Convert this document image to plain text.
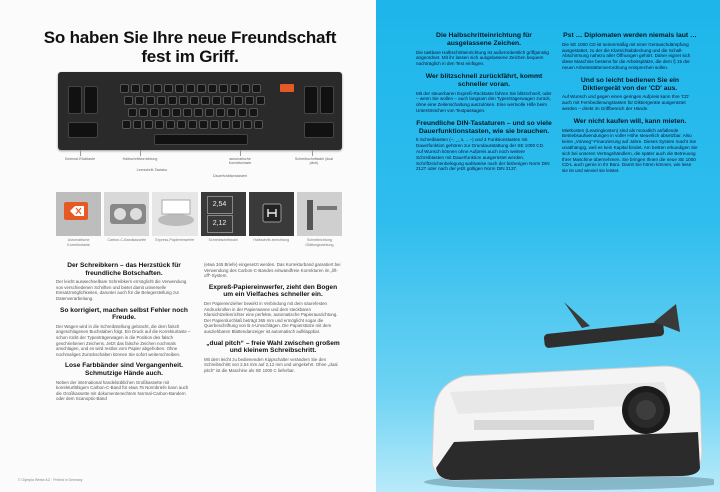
So haben Sie Ihre neue Freundschaft fest im Griff.
Dezimal-Rücktaste	Halbschrittvorrichtung	automatische Korrekturtaste
Schreibschrittwahl (dual pitch)
Leerschritt-Tastatur
Dauerfunktionstasten
2,54
2,12
Automatische Korrekturtaste
Carbon-C-Bandkassette	Express-Papiereinwerfer	Schreibschrittwahl	Halbschritt-einrichtung	Schreibrichtung Glättungsrichtung
Der Schreibkern – das Herzstück für freundliche Botschaften.

Der leicht auswechselbare Schreibkern ermöglicht die Verwendung von verschiedenen Schriften und bietet damit universelle Einsatzmöglichkeiten, darunter auch für die Belegerstellung zur Datenverarbeitung.

So korrigiert, machen selbst Fehler noch Freude.

Der Wagen wird in die Schreibstellung gebracht, die dem falsch angeschlagenen Buchstaben folgt. Ein Druck auf die Korrekturtaste – schon rückt der Typenträgerwagen in die Position des falsch geschriebenen Zeichens. Jetzt das falsche Zeichen nochmals anschlagen, und es wird restlos vom Papier abgehoben. Ohne nochmaliges Zurückschalten können Sie sofort weiterschreiben.

Lose Farbbänder sind Vergangenheit. Schmutzige Hände auch.

Neben der international handelsüblichen Großkassette mit korrekturfähigem Carbon-C-Band für etwa 75 Normbriefe kann auch die Großkassette mit dokumentenechtem Normal-Carbon-Bandern oder dem Scanoptic-Band

(etwa 345 Briefe) eingesetzt werden. Das Korrekturband garantiert bei Verwendung des Carbon-C-Bandes einwandfreie Korrekturen im „lift-off“-System.

Expreß-Papiereinwerfer, zieht den Bogen um ein Vielfaches schneller ein.

Der Papiereinzieher bewirkt in Verbindung mit dem säurefesten Andruckrollen in der Papierwanne und dem steckbaren Klarsichtzeilenrichter eine perfekte, automatische Papierausrichtung. Der Papierdurchlaß beträgt 365 mm und ermöglicht sogar die Querbeschriftung von B 4-Umschlägen. Die Papierstütze mit dem ausziehbaren Blattendanzeiger ist automatisch aufklappbar.

„dual pitch“ – freie Wahl zwischen großem und kleinem Schreibschritt.

Mit dem leicht zu bedienenden Kippschalter verändern Sie den Schreibschritt von 2,54 mm auf 2,12 mm und umgekehrt. Ohne „dual pitch“ ist die Maschine als SE 1000 C lieferbar.

© Olympia Werke AG · Printed in Germany
Die Halbschritteinrichtung für ausgelassene Zeichen.

Die tastbare Halbschritteinrichtung ist außerordentlich griffgünstig angeordnet. Mit ihr lassen sich ausgelassene Zeichen bequem nachträglich in den Text einfügen.

Wer blitzschnell zurückfährt, kommt schneller voran.

Mit der steuerbaren Expreß-Rücktaste fahren Sie blitzschnell, oder – wenn Sie wollen – auch langsam den Typenträgerwagen zurück, ohne eine Zeilenschaltung auszulösen. Eine wertvolle Hilfe beim Unterstreichen von Textpassagen.

Freundliche DIN-Tastaturen – und so viele Dauerfunktionstasten, wie sie brauchen.

5 Schreibtasten (–, _, x, ., –) und 3 Funktionstasten mit Dauerfunktion gehören zur Grundausstattung der SE 1000 CD. Auf Wunsch können ohne Aufpreis auch noch weitere Schreibtasten mit Dauerfunktion ausgerüstet werden. Schriftzeichenbelegung wahlweise nach der bisherigen Norm DIN 2127 oder nach der jetzt gültigen Norm DIN 2137.

Pst … Diplomaten werden niemals laut …

Die SE 1000 CD ist serienmäßig mit einer Geräuschdämpfung ausgestattet, zu der die Klarsichtabdeckung und die Schall-Abschirmung nahezu aller Öffnungen gehört. Daher eignet sich diese Maschine bestens für die Arbeitsplätze, die dem § 15 der neuen Arbeitsstättenverordnung entsprechen sollen.

Und so leicht bedienen Sie ein Diktiergerät von der 'CD' aus.

Auf Wunsch und gegen einen geringen Aufpreis kann Ihre 'CD' auch mit Fernbedienungstasten für Diktiergeräte ausgerüstet werden – direkt im Griffbereich der Hände.

Wer nicht kaufen will, kann mieten.

Mietkosten (Leasingkosten) sind als monatlich anfallende Betriebsaufwendungen in voller Höhe steuerlich absetzbar. Also keine „Vorweg“-Finanzierung auf Jahre. Dieses System macht Sie unabhängig, weil es kein Kapital bindet. Am besten erkundigen Sie sich bei unseren Vertragshändlern, die später auch die Betreuung Ihrer Maschine übernehmen. Sie bringen Ihnen die neue SE 1000 CD-L auch gerne in Ihr Büro. Damit Sie hören können, wie leise sie ist und wieviel sie leistet.
